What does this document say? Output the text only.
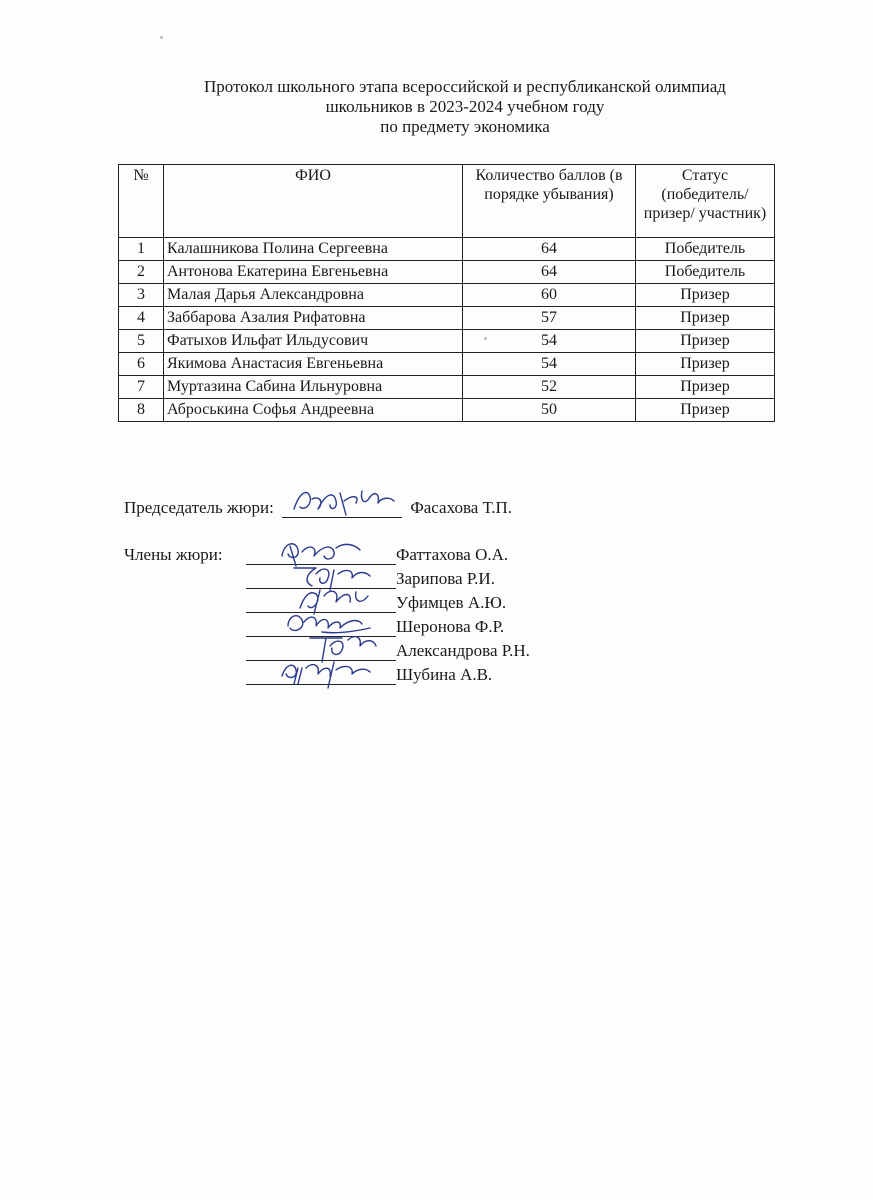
Протокол школьного этапа всероссийской и республиканской олимпиад
школьников в 2023-2024 учебном году
по предмету экономика
№	ФИО	Количество баллов (в порядке убывания)	Статус (победитель/ призер/ участник)
1	Калашникова Полина Сергеевна	64	Победитель
2	Антонова Екатерина Евгеньевна	64	Победитель
3	Малая Дарья Александровна	60	Призер
4	Заббарова Азалия Рифатовна	57	Призер
5	Фатыхов Ильфат Ильдусович	54	Призер
6	Якимова Анастасия Евгеньевна	54	Призер
7	Муртазина Сабина Ильнуровна	52	Призер
8	Аброськина Софья Андреевна	50	Призер
Председатель жюри:	Фасахова Т.П.
Члены жюри:	Фаттахова О.А.
Зарипова Р.И.
Уфимцев А.Ю.
Шеронова Ф.Р.
Александрова Р.Н.
Шубина А.В.
